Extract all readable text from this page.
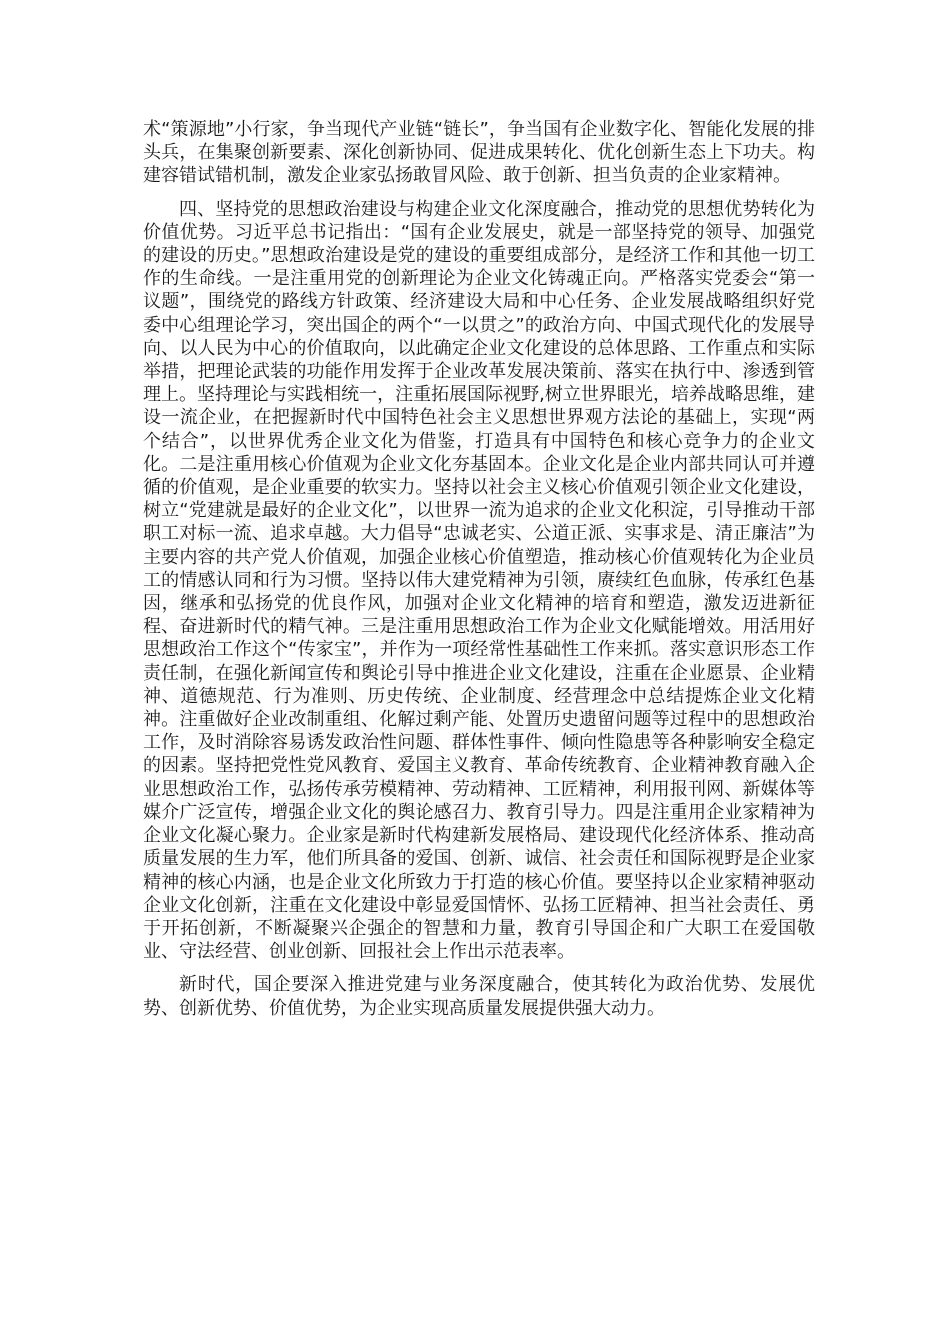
术“策源地”小行家，争当现代产业链“链长”，争当国有企业数字化、智能化发展的排头兵，在集聚创新要素、深化创新协同、促进成果转化、优化创新生态上下功夫。构建容错试错机制，激发企业家弘扬敢冒风险、敢于创新、担当负责的企业家精神。

四、坚持党的思想政治建设与构建企业文化深度融合，推动党的思想优势转化为价值优势。习近平总书记指出：“国有企业发展史，就是一部坚持党的领导、加强党的建设的历史。”思想政治建设是党的建设的重要组成部分，是经济工作和其他一切工作的生命线。一是注重用党的创新理论为企业文化铸魂正向。严格落实党委会“第一议题”，围绕党的路线方针政策、经济建设大局和中心任务、企业发展战略组织好党委中心组理论学习，突出国企的两个“一以贯之”的政治方向、中国式现代化的发展导向、以人民为中心的价值取向，以此确定企业文化建设的总体思路、工作重点和实际举措，把理论武装的功能作用发挥于企业改革发展决策前、落实在执行中、渗透到管理上。坚持理论与实践相统一，注重拓展国际视野,树立世界眼光，培养战略思维，建设一流企业，在把握新时代中国特色社会主义思想世界观方法论的基础上，实现“两个结合”，以世界优秀企业文化为借鉴，打造具有中国特色和核心竞争力的企业文化。二是注重用核心价值观为企业文化夯基固本。企业文化是企业内部共同认可并遵循的价值观，是企业重要的软实力。坚持以社会主义核心价值观引领企业文化建设，树立“党建就是最好的企业文化”，以世界一流为追求的企业文化积淀，引导推动干部职工对标一流、追求卓越。大力倡导“忠诚老实、公道正派、实事求是、清正廉洁”为主要内容的共产党人价值观，加强企业核心价值塑造，推动核心价值观转化为企业员工的情感认同和行为习惯。坚持以伟大建党精神为引领，赓续红色血脉，传承红色基因，继承和弘扬党的优良作风，加强对企业文化精神的培育和塑造，激发迈进新征程、奋进新时代的精气神。三是注重用思想政治工作为企业文化赋能增效。用活用好思想政治工作这个“传家宝”，并作为一项经常性基础性工作来抓。落实意识形态工作责任制，在强化新闻宣传和舆论引导中推进企业文化建设，注重在企业愿景、企业精神、道德规范、行为准则、历史传统、企业制度、经营理念中总结提炼企业文化精神。注重做好企业改制重组、化解过剩产能、处置历史遗留问题等过程中的思想政治工作，及时消除容易诱发政治性问题、群体性事件、倾向性隐患等各种影响安全稳定的因素。坚持把党性党风教育、爱国主义教育、革命传统教育、企业精神教育融入企业思想政治工作，弘扬传承劳模精神、劳动精神、工匠精神，利用报刊网、新媒体等媒介广泛宣传，增强企业文化的舆论感召力、教育引导力。四是注重用企业家精神为企业文化凝心聚力。企业家是新时代构建新发展格局、建设现代化经济体系、推动高质量发展的生力军，他们所具备的爱国、创新、诚信、社会责任和国际视野是企业家精神的核心内涵，也是企业文化所致力于打造的核心价值。要坚持以企业家精神驱动企业文化创新，注重在文化建设中彰显爱国情怀、弘扬工匠精神、担当社会责任、勇于开拓创新，不断凝聚兴企强企的智慧和力量，教育引导国企和广大职工在爱国敬业、守法经营、创业创新、回报社会上作出示范表率。

新时代，国企要深入推进党建与业务深度融合，使其转化为政治优势、发展优势、创新优势、价值优势，为企业实现高质量发展提供强大动力。
